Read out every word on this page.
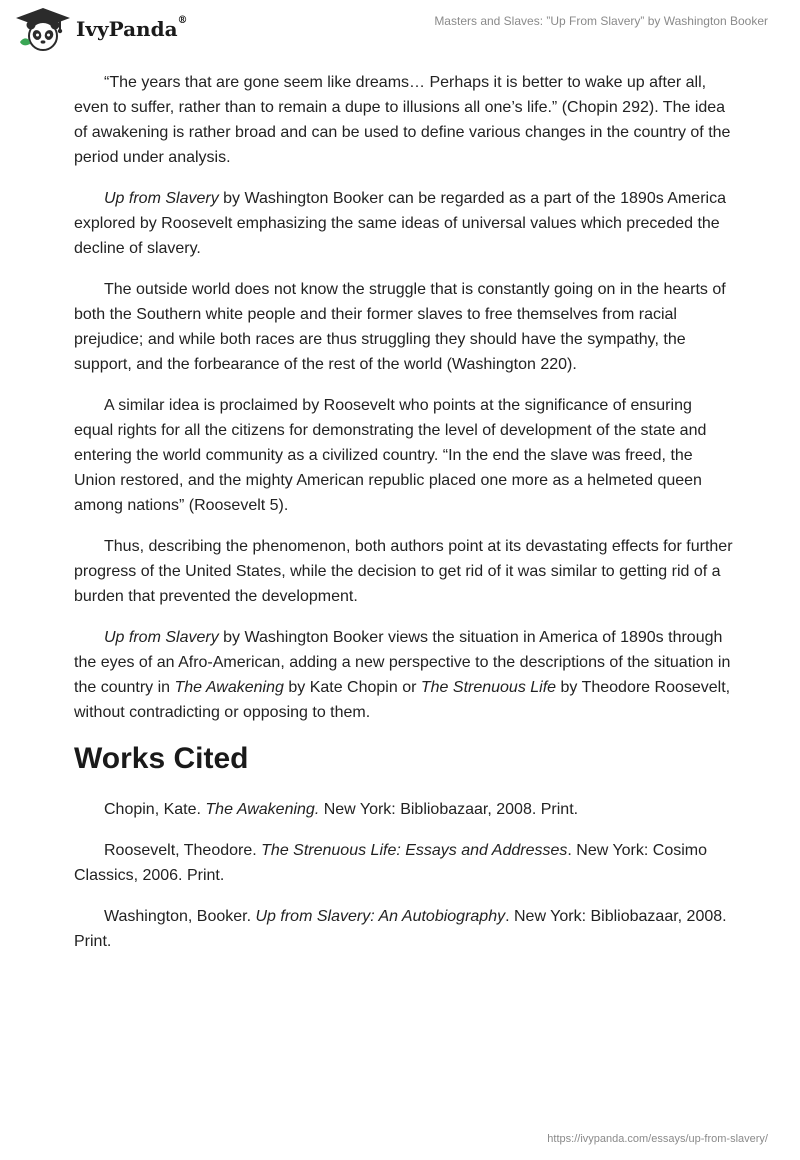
IvyPanda®	Masters and Slaves: ”Up From Slavery” by Washington Booker

“The years that are gone seem like dreams… Perhaps it is better to wake up after all, even to suffer, rather than to remain a dupe to illusions all one’s life.” (Chopin 292). The idea of awakening is rather broad and can be used to define various changes in the country of the period under analysis.

Up from Slavery by Washington Booker can be regarded as a part of the 1890s America explored by Roosevelt emphasizing the same ideas of universal values which preceded the decline of slavery.

The outside world does not know the struggle that is constantly going on in the hearts of both the Southern white people and their former slaves to free themselves from racial prejudice; and while both races are thus struggling they should have the sympathy, the support, and the forbearance of the rest of the world (Washington 220).

A similar idea is proclaimed by Roosevelt who points at the significance of ensuring equal rights for all the citizens for demonstrating the level of development of the state and entering the world community as a civilized country. “In the end the slave was freed, the Union restored, and the mighty American republic placed one more as a helmeted queen among nations” (Roosevelt 5).

Thus, describing the phenomenon, both authors point at its devastating effects for further progress of the United States, while the decision to get rid of it was similar to getting rid of a burden that prevented the development.

Up from Slavery by Washington Booker views the situation in America of 1890s through the eyes of an Afro-American, adding a new perspective to the descriptions of the situation in the country in The Awakening by Kate Chopin or The Strenuous Life by Theodore Roosevelt, without contradicting or opposing to them.

Works Cited

Chopin, Kate. The Awakening. New York: Bibliobazaar, 2008. Print.

Roosevelt, Theodore. The Strenuous Life: Essays and Addresses. New York: Cosimo Classics, 2006. Print.

Washington, Booker. Up from Slavery: An Autobiography. New York: Bibliobazaar, 2008. Print.

https://ivypanda.com/essays/up-from-slavery/
